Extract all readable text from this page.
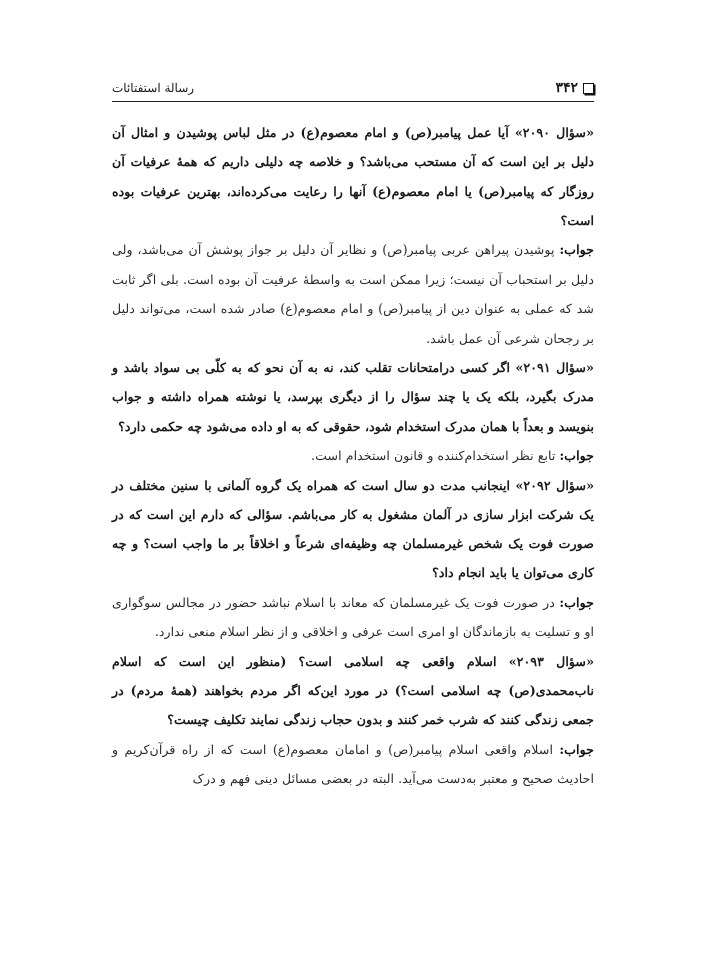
۳۴۲
رسالة استفتائات

«سؤال ۲۰۹۰» آیا عمل پیامبر(ص) و امام معصوم(ع) در مثل لباس پوشیدن و امثال آن دلیل بر این است که آن مستحب می‌باشد؟ و خلاصه چه دلیلی داریم که همهٔ عرفیات آن روزگار که پیامبر(ص) یا امام معصوم(ع) آنها را رعایت می‌کرده‌اند، بهترین عرفیات بوده است؟

جواب: پوشیدن پیراهن عربی پیامبر(ص) و نظایر آن دلیل بر جواز پوشش آن می‌باشد، ولی دلیل بر استحباب آن نیست؛ زیرا ممکن است به واسطهٔ عرفیت آن بوده است. بلی اگر ثابت شد که عملی به عنوان دین از پیامبر(ص) و امام معصوم(ع) صادر شده است، می‌تواند دلیل بر رجحان شرعی آن عمل باشد.

«سؤال ۲۰۹۱» اگر کسی درامتحانات تقلب کند، نه به آن نحو که به کلّی بی سواد باشد و مدرک بگیرد، بلکه یک یا چند سؤال را از دیگری بپرسد، یا نوشته همراه داشته و جواب بنویسد و بعداً با همان مدرک استخدام شود، حقوقی که به او داده می‌شود چه حکمی دارد؟

جواب: تابع نظر استخدام‌کننده و قانون استخدام است.

«سؤال ۲۰۹۲» اینجانب مدت دو سال است که همراه یک گروه آلمانی با سنین مختلف در یک شرکت ابزار سازی در آلمان مشغول به کار می‌باشم. سؤالی که دارم این است که در صورت فوت یک شخص غیرمسلمان چه وظیفه‌ای شرعاً و اخلاقاً بر ما واجب است؟ و چه کاری می‌توان یا باید انجام داد؟

جواب: در صورت فوت یک غیرمسلمان که معاند با اسلام نباشد حضور در مجالس سوگواری او و تسلیت به بازماندگان او امری است عرفی و اخلاقی و از نظر اسلام منعی ندارد.

«سؤال ۲۰۹۳» اسلام واقعی چه اسلامی است؟ (منظور این است که اسلام ناب‌محمدی(ص) چه اسلامی است؟) در مورد این‌که اگر مردم بخواهند (همهٔ مردم) در جمعی زندگی کنند که شرب خمر کنند و بدون حجاب زندگی نمایند تکلیف چیست؟

جواب: اسلام واقعی اسلام پیامبر(ص) و امامان معصوم(ع) است که از راه قرآن‌کریم و احادیث صحیح و معتبر به‌دست می‌آید. البته در بعضی مسائل دینی فهم و درک
